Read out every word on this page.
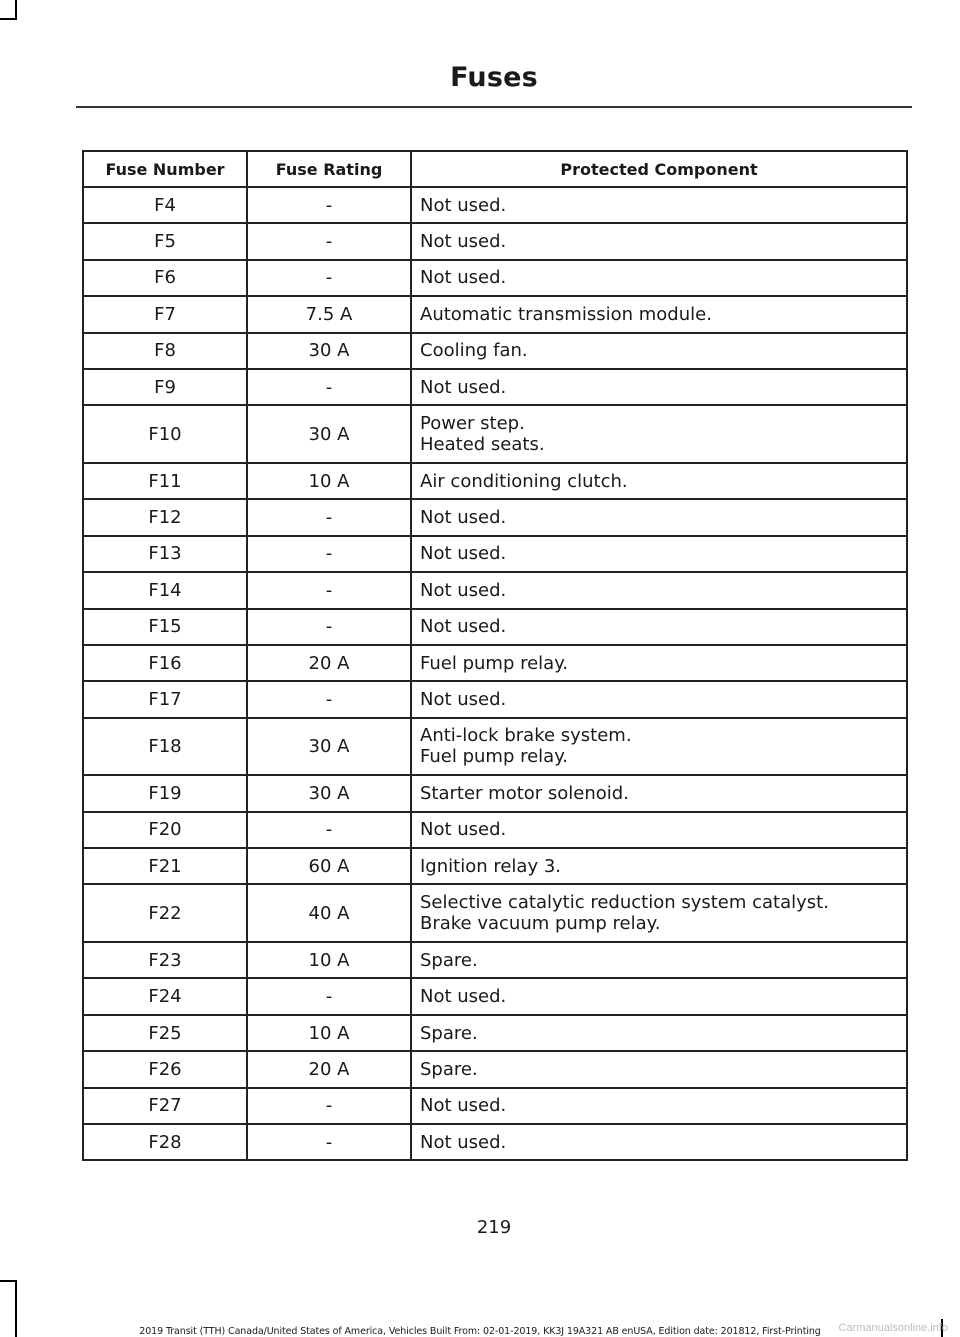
Fuses
Fuse Number	Fuse Rating	Protected Component
F4	-	Not used.

F5	-	Not used.

F6	-	Not used.

F7	7.5 A	Automatic transmission module.

F8	30 A	Cooling fan.

F9	-	Not used.

F10	30 A	Power step.
Heated seats.

F11	10 A	Air conditioning clutch.

F12	-	Not used.

F13	-	Not used.

F14	-	Not used.

F15	-	Not used.

F16	20 A	Fuel pump relay.

F17	-	Not used.

F18	30 A	Anti-lock brake system.
Fuel pump relay.

F19	30 A	Starter motor solenoid.

F20	-	Not used.

F21	60 A	Ignition relay 3.

F22	40 A	Selective catalytic reduction system catalyst.
Brake vacuum pump relay.

F23	10 A	Spare.

F24	-	Not used.

F25	10 A	Spare.

F26	20 A	Spare.

F27	-	Not used.

F28	-	Not used.
219
2019 Transit (TTH) Canada/United States of America, Vehicles Built From: 02-01-2019, KK3J 19A321 AB enUSA, Edition date: 201812, First-Printing	Carmanualsonline.info
